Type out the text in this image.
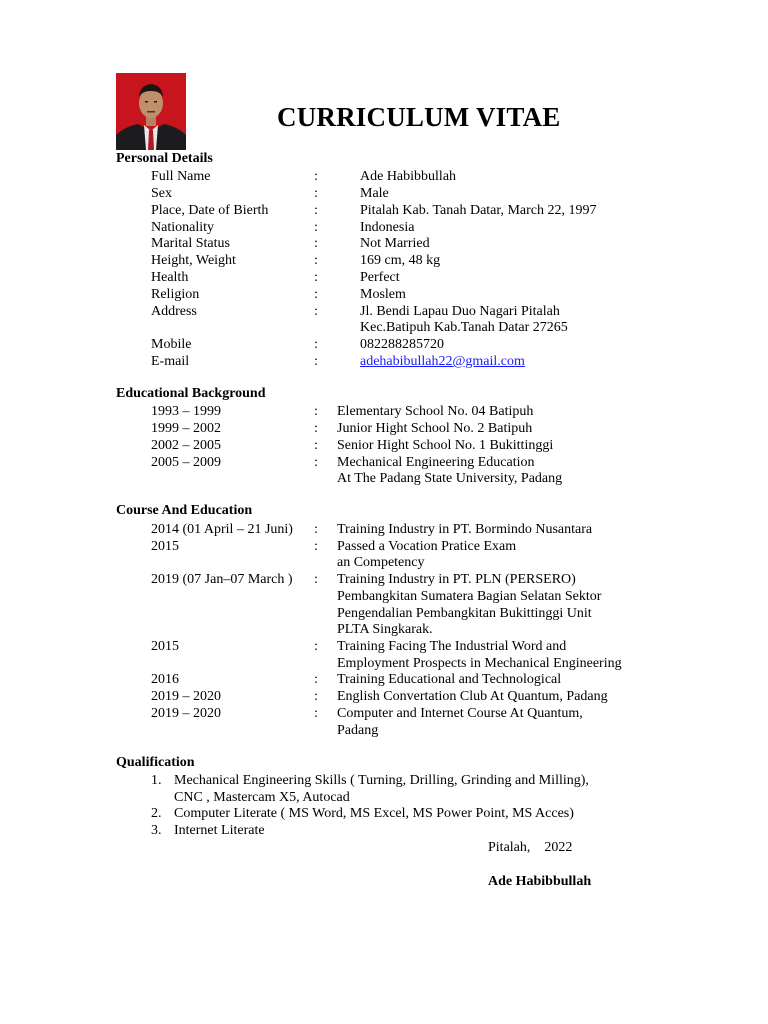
CURRICULUM VITAE
Personal Details
Full Name	:	Ade Habibbullah
Sex	:	Male
Place, Date of Bierth	:	Pitalah Kab. Tanah Datar, March 22, 1997
Nationality	:	Indonesia
Marital Status	:	Not Married
Height, Weight	:	169 cm, 48 kg
Health	:	Perfect
Religion	:	Moslem
Address	:	Jl. Bendi Lapau Duo Nagari Pitalah
Kec.Batipuh Kab.Tanah Datar 27265
Mobile	:	082288285720
E-mail	:	adehabibullah22@gmail.com
Educational Background
1993 – 1999	: Elementary School No. 04 Batipuh
1999 – 2002	: Junior Hight School No. 2 Batipuh
2002 – 2005	: Senior Hight School No. 1 Bukittinggi
2005 – 2009	: Mechanical Engineering Education
At The Padang State University, Padang
Course And Education
2014 (01 April – 21 Juni) : Training Industry in PT. Bormindo Nusantara
2015	: Passed a Vocation Pratice Exam
an Competency
2019 (07 Jan–07 March ) : Training Industry in PT. PLN (PERSERO)
Pembangkitan Sumatera Bagian Selatan Sektor
Pengendalian Pembangkitan Bukittinggi Unit
PLTA Singkarak.
2015	: Training Facing The Industrial Word and
Employment Prospects in Mechanical Engineering
2016	: Training Educational and Technological
2019 – 2020	: English Convertation Club At Quantum, Padang
2019 – 2020	: Computer and Internet Course At Quantum,
Padang
Qualification
1. Mechanical Engineering Skills ( Turning, Drilling, Grinding and Milling),
CNC , Mastercam X5, Autocad
2. Computer Literate ( MS Word, MS Excel, MS Power Point, MS Acces)
3. Internet Literate
Pitalah,    2022
Ade Habibbullah
